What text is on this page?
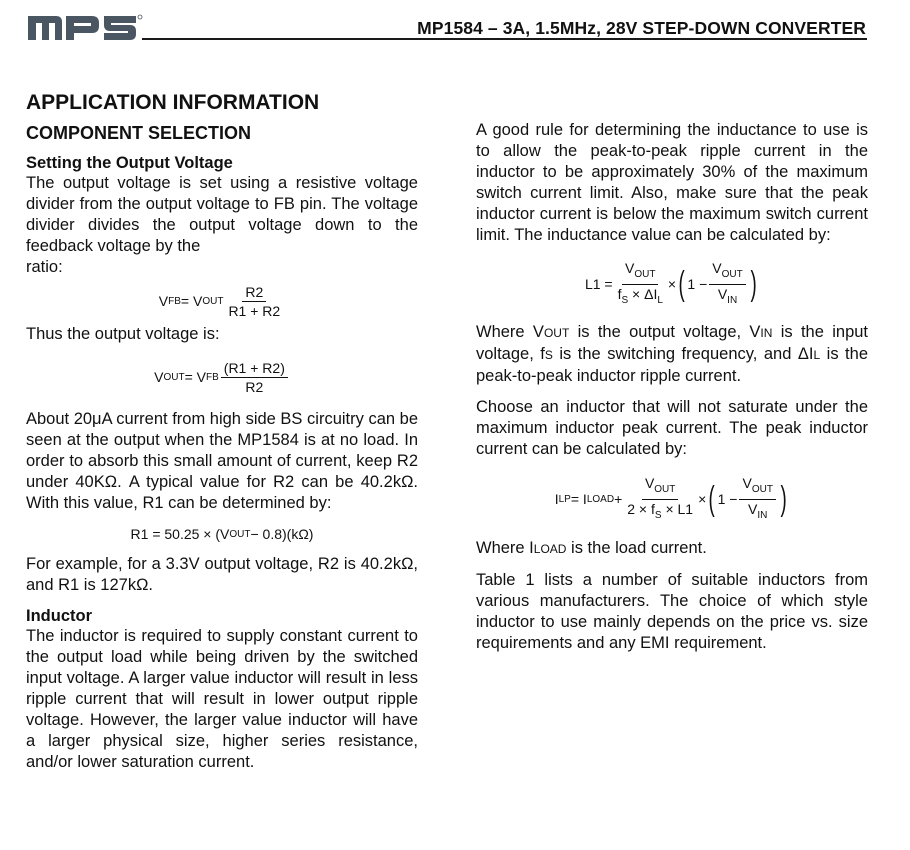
MP1584 – 3A, 1.5MHz, 28V STEP-DOWN CONVERTER
APPLICATION INFORMATION
COMPONENT SELECTION
Setting the Output Voltage

The output voltage is set using a resistive voltage divider from the output voltage to FB pin. The voltage divider divides the output voltage down to the feedback voltage by the

ratio:

V FB = V OUT $\frac{R2}{R1 + R2}$

Thus the output voltage is:

V OUT = V FB $\frac{(R1 + R2)}{R2}$

About 20μA current from high side BS circuitry can be seen at the output when the MP1584 is at no load. In order to absorb this small amount of current, keep R2 under 40KΩ. A typical value for R2 can be 40.2kΩ. With this value, R1 can be determined by:

R1 = 50.25 × (V OUT − 0.8)(kΩ)

For example, for a 3.3V output voltage, R2 is 40.2kΩ, and R1 is 127kΩ.

Inductor

The inductor is required to supply constant current to the output load while being driven by the switched input voltage. A larger value inductor will result in less ripple current that will result in lower output ripple voltage. However, the larger value inductor will have a larger physical size, higher series resistance, and/or lower saturation current.

A good rule for determining the inductance to use is to allow the peak-to-peak ripple current in the inductor to be approximately 30% of the maximum switch current limit. Also, make sure that the peak inductor current is below the maximum switch current limit. The inductance value can be calculated by:

$L1 = \frac{V_{OUT}}{f_S \times \Delta I_L}$ × ( $1 - \frac{V_{OUT}}{V_{IN}}$ )

Where VOUT is the output voltage, VIN is the input voltage, fS is the switching frequency, and ΔIL is the peak-to-peak inductor ripple current.

Choose an inductor that will not saturate under the maximum inductor peak current. The peak inductor current can be calculated by:

I LP = I LOAD + $\frac{V_{OUT}}{2 \times f_S \times L1}$ × ( $1 - \frac{V_{OUT}}{V_{IN}}$ )

Where ILOAD is the load current.

Table 1 lists a number of suitable inductors from various manufacturers. The choice of which style inductor to use mainly depends on the price vs. size requirements and any EMI requirement.
